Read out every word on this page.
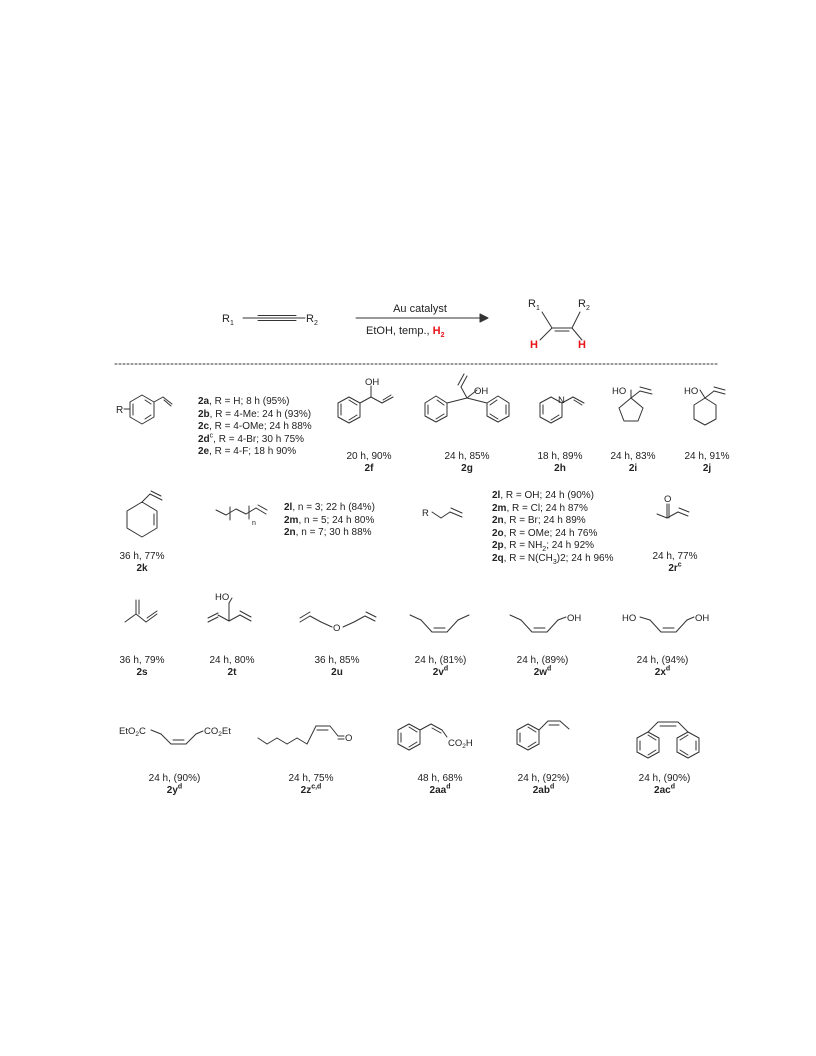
$R_1$	$R_2$
Au catalyst
EtOH, temp., $H_2$
$R_1$	$R_2$
H	H
R
OH
OH
N
HO	HO
n
R
O
HO
O
OH	HO	OH
EtO$_2$C	$CO_2Et$
O	$CO_2H$
2a, R = H; 8 h (95%)
2b, R = 4-Me: 24 h (93%)
2c, R = 4-OMe; 24 h 88%
$2d^c$, R = 4-Br; 30 h 75%
2e, R = 4-F; 18 h 90%
2l, n = 3; 22 h (84%)
2m, n = 5; 24 h 80%
2n, n = 7; 30 h 88%
2l, R = OH; 24 h (90%)
2m, R = Cl; 24 h 87%
2n, R = Br; 24 h 89%
2o, R = OMe; 24 h 76%
2p, $R = NH_2$; 24 h 92%
2q, $R = N(CH_3)2$; 24 h 96%
20 h, 90%
2f
24 h, 85%
2g
18 h, 89%
2h
24 h, 83%
2i
24 h, 91%
2j
36 h, 77%
2k
24 h, 77%
$2r^c$
36 h, 79%
2s
24 h, 80%
2t
36 h, 85%
2u
24 h, (81%)
$2v^d$
24 h, (89%)
$2w^d$
24 h, (94%)
$2x^d$
24 h, (90%)
$2y^d$
24 h, 75%
$2z^{c,d}$
48 h, 68%
$2aa^d$
24 h, (92%)
$2ab^d$
24 h, (90%)
$2ac^d$
